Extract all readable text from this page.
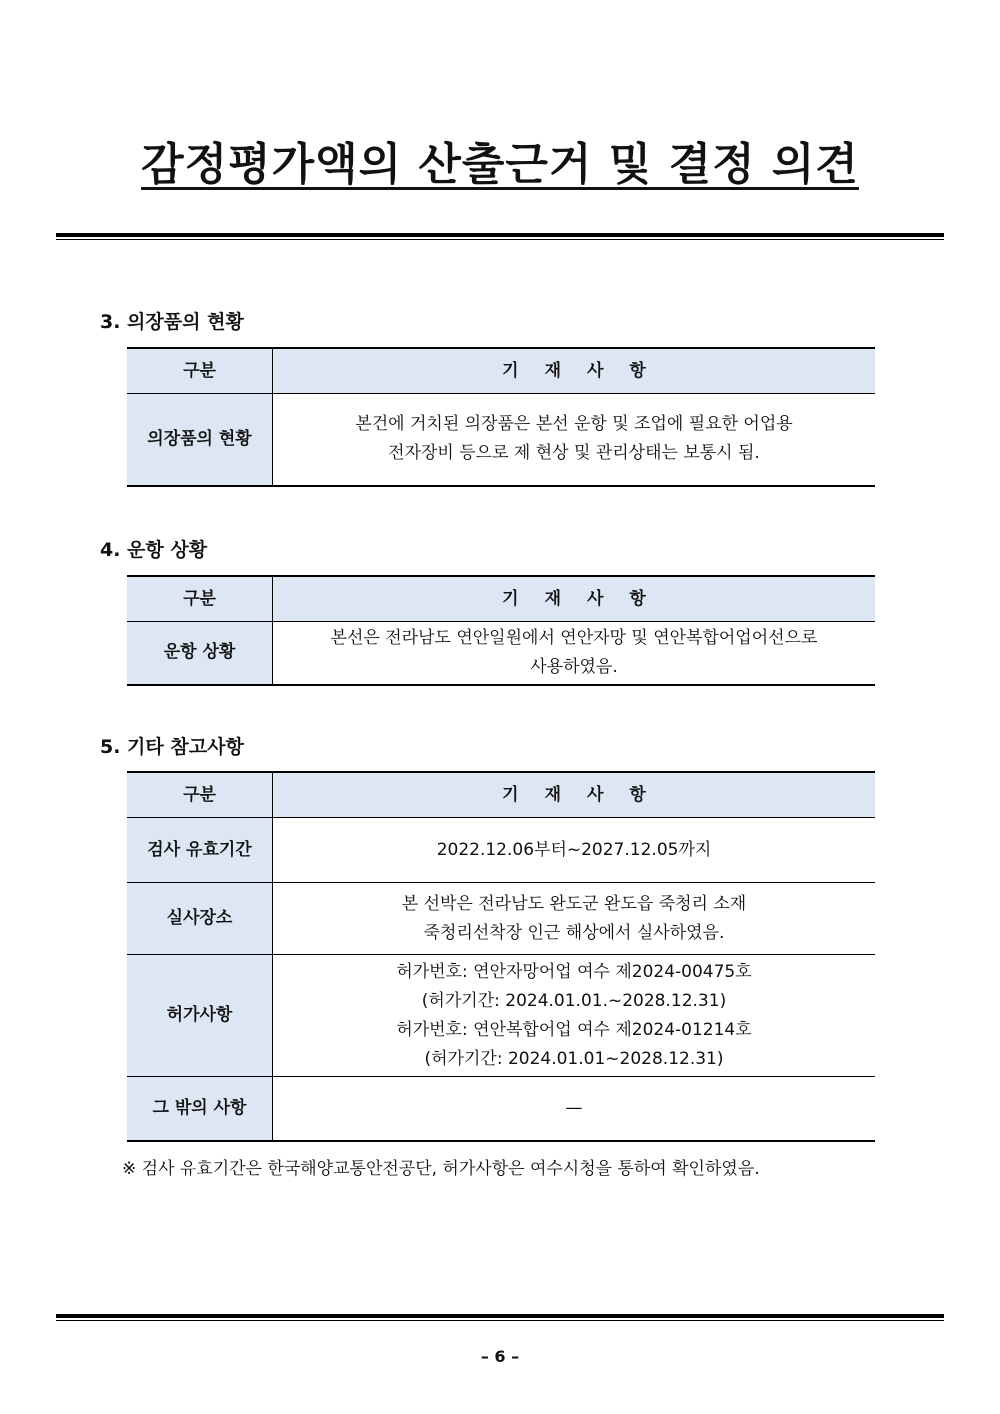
감정평가액의 산출근거 및 결정 의견
3. 의장품의 현황
구분	기재사항
의장품의 현황	본건에 거치된 의장품은 본선 운항 및 조업에 필요한 어업용
전자장비 등으로 제 현상 및 관리상태는 보통시 됨.
4. 운항 상황
구분	기재사항
운항 상황	본선은 전라남도 연안일원에서 연안자망 및 연안복합어업어선으로
사용하였음.
5. 기타 참고사항
구분	기재사항
검사 유효기간	2022.12.06부터~2027.12.05까지

실사장소	본 선박은 전라남도 완도군 완도읍 죽청리 소재
죽청리선착장 인근 해상에서 실사하였음.

허가사항	허가번호: 연안자망어업 여수 제2024-00475호
(허가기간: 2024.01.01.~2028.12.31)
허가번호: 연안복합어업 여수 제2024-01214호
(허가기간: 2024.01.01~2028.12.31)

그 밖의 사항	—
※ 검사 유효기간은 한국해양교통안전공단, 허가사항은 여수시청을 통하여 확인하였음.
– 6 –
